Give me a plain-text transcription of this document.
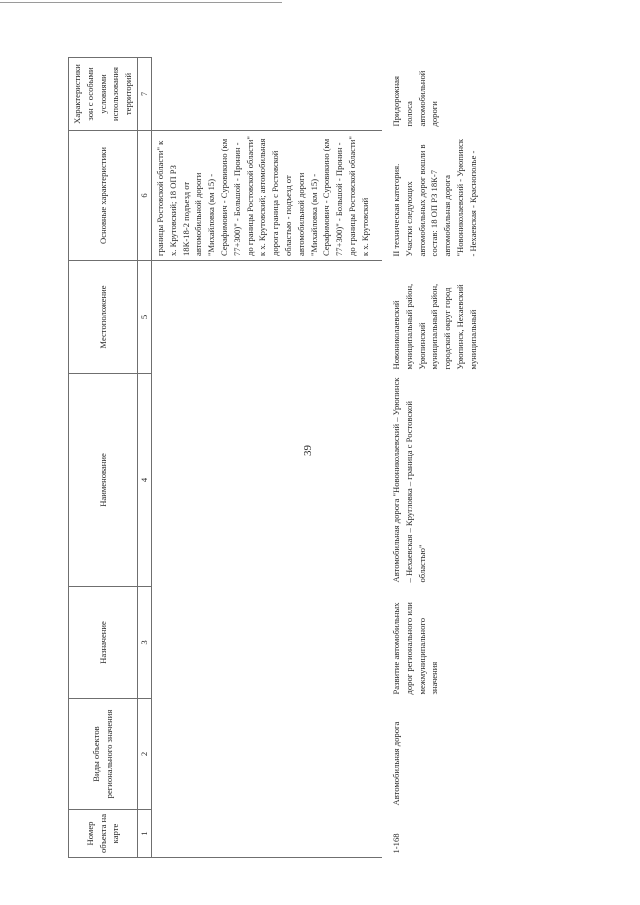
39
Номер объекта на карте	Виды объектов регионального значения	Назначение	Наименование	Местоположение	Основные характеристики	Характеристики зон с особыми условиями использования территорий
1	2	3	4	5	6	7
					границы Ростовской области" к х. Крутовский; 18 ОП РЗ 18К-18-2 подъезд от автомобильной дороги "Михайловка (км 15) - Серафимович - Суровикино (км 77+300)" - Большой - Пронин - до границы Ростовской области" к х. Крутовский; автомобильная дорога граница с Ростовской областью - подъезд от автомобильной дороги "Михайловка (км 15) - Серафимович - Суровикино (км 77+300)" - Большой - Пронин - до границы Ростовской области" к х. Крутовский	
1-168	Автомобильная дорога	Развитие автомобильных дорог регионального или межмуниципального значения	Автомобильная дорога "Новониколаевский – Урюпинск – Нехаевская – Кругловка – граница с Ростовской областью"	Новониколаевский муниципальный район, Урюпинский муниципальный район, городской округ город Урюпинск, Нехаевский муниципальный	II техническая категория. Участки следующих автомобильных дорог вошли в состав: 18 ОП РЗ 18К-7 автомобильная дорога "Новониколаевский - Урюпинск - Нехаевская - Краснополье -	Придорожная полоса автомобильной дороги
